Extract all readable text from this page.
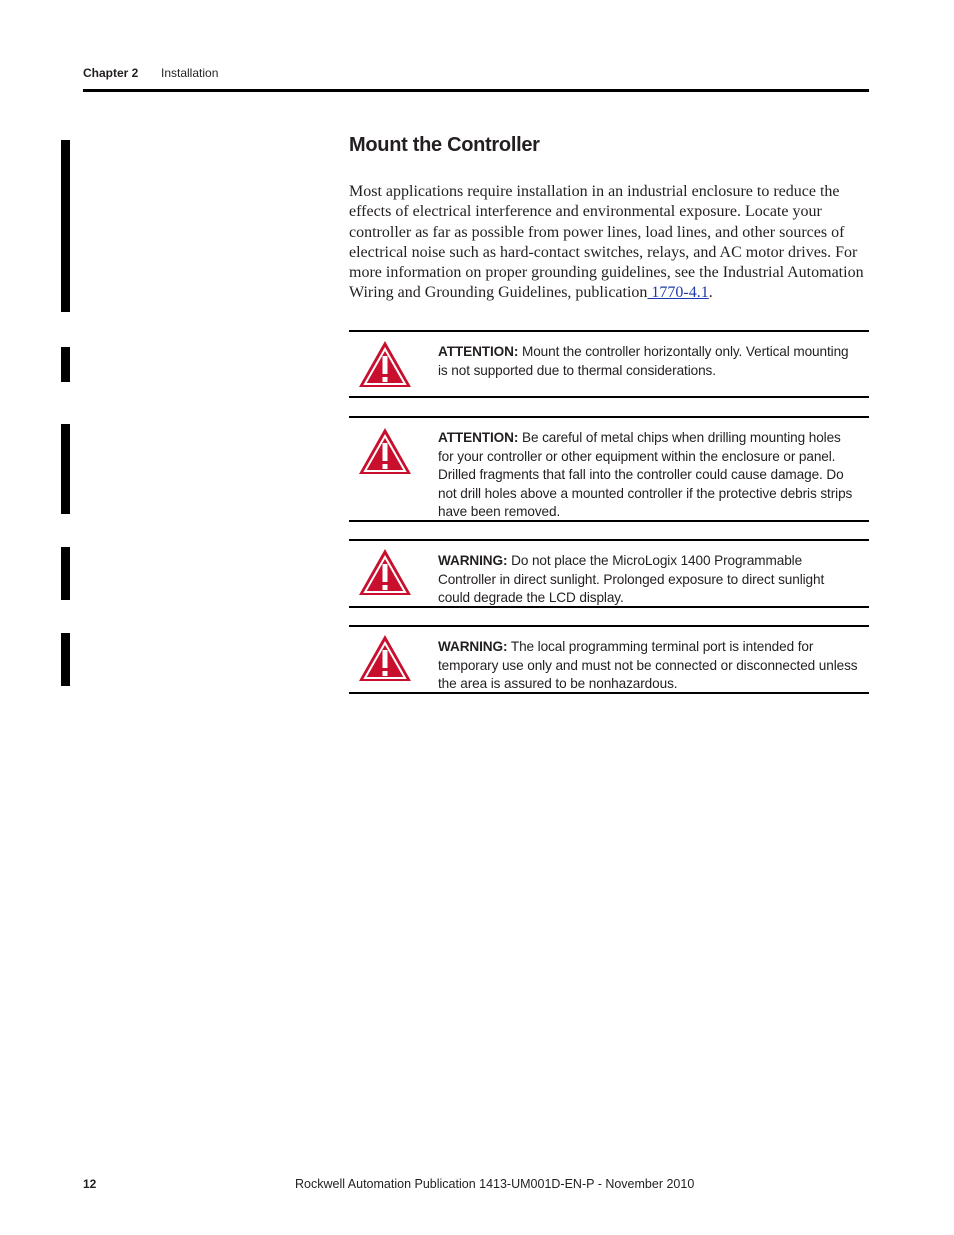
Chapter 2 Installation
Mount the Controller

Most applications require installation in an industrial enclosure to reduce the effects of electrical interference and environmental exposure. Locate your controller as far as possible from power lines, load lines, and other sources of electrical noise such as hard-contact switches, relays, and AC motor drives. For more information on proper grounding guidelines, see the Industrial Automation Wiring and Grounding Guidelines, publication 1770-4.1.

ATTENTION: Mount the controller horizontally only. Vertical mounting is not supported due to thermal considerations.
ATTENTION: Be careful of metal chips when drilling mounting holes for your controller or other equipment within the enclosure or panel. Drilled fragments that fall into the controller could cause damage. Do not drill holes above a mounted controller if the protective debris strips have been removed.
WARNING: Do not place the MicroLogix 1400 Programmable Controller in direct sunlight. Prolonged exposure to direct sunlight could degrade the LCD display.
WARNING: The local programming terminal port is intended for temporary use only and must not be connected or disconnected unless the area is assured to be nonhazardous.
12	Rockwell Automation Publication 1413-UM001D-EN-P - November 2010
